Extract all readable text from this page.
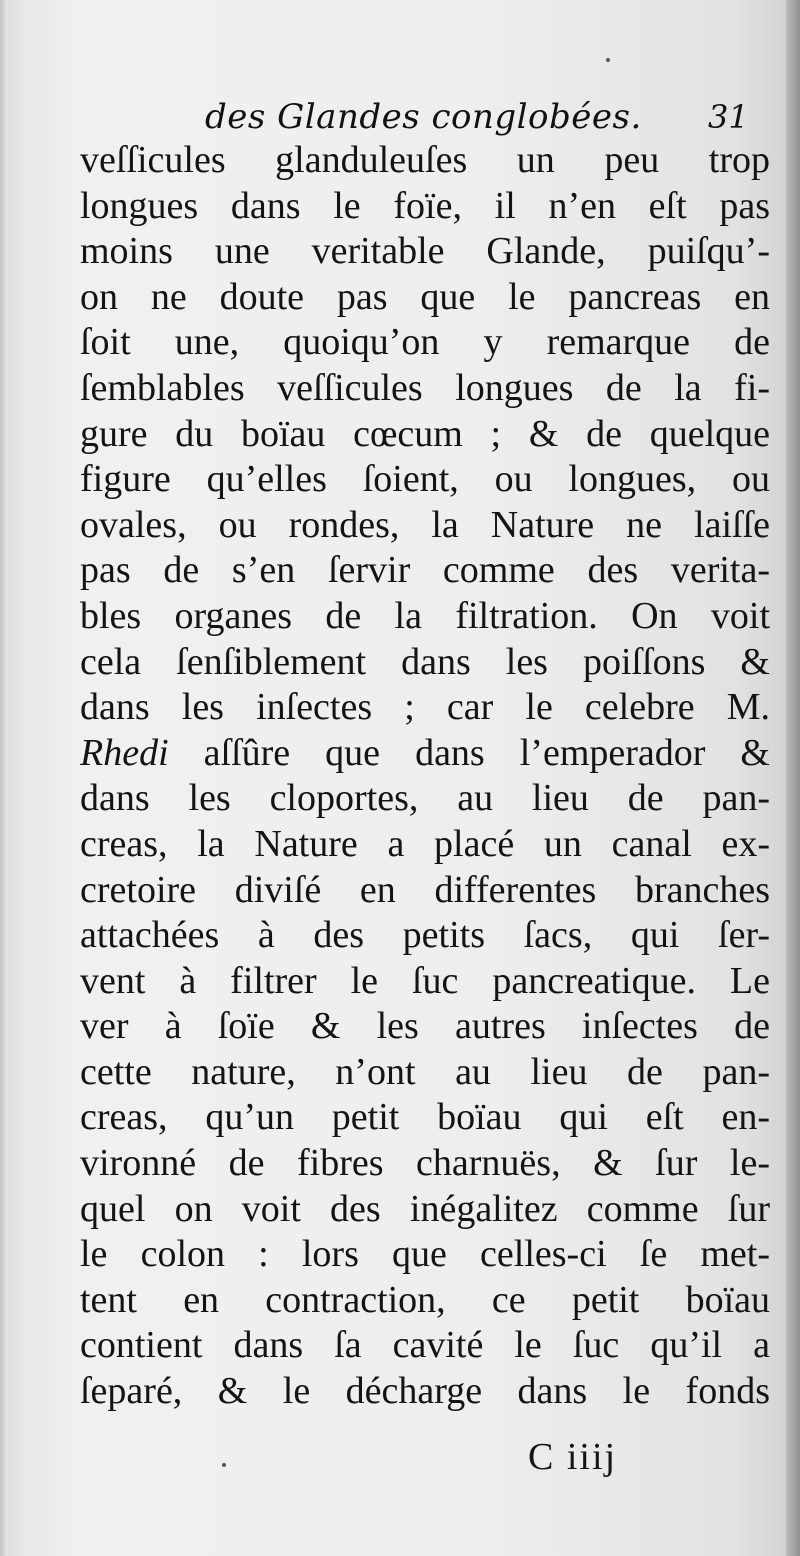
des Glandes conglobées. 31
veſſicules glanduleuſes un peu trop
longues dans le foïe, il n’en eſt pas
moins une veritable Glande, puiſqu’-
on ne doute pas que le pancreas en
ſoit une, quoiqu’on y remarque de
ſemblables veſſicules longues de la fi-
gure du boïau cœcum ; & de quelque
figure qu’elles ſoient, ou longues, ou
ovales, ou rondes, la Nature ne laiſſe
pas de s’en ſervir comme des verita-
bles organes de la filtration. On voit
cela ſenſiblement dans les poiſſons &
dans les inſectes ; car le celebre M.
Rhedi aſſûre que dans l’emperador &
dans les cloportes, au lieu de pan-
creas, la Nature a placé un canal ex-
cretoire diviſé en differentes branches
attachées à des petits ſacs, qui ſer-
vent à filtrer le ſuc pancreatique. Le
ver à ſoïe & les autres inſectes de
cette nature, n’ont au lieu de pan-
creas, qu’un petit boïau qui eſt en-
vironné de fibres charnuës, & ſur le-
quel on voit des inégalitez comme ſur
le colon : lors que celles-ci ſe met-
tent en contraction, ce petit boïau
contient dans ſa cavité le ſuc qu’il a
ſeparé, & le décharge dans le fonds
C iiij
